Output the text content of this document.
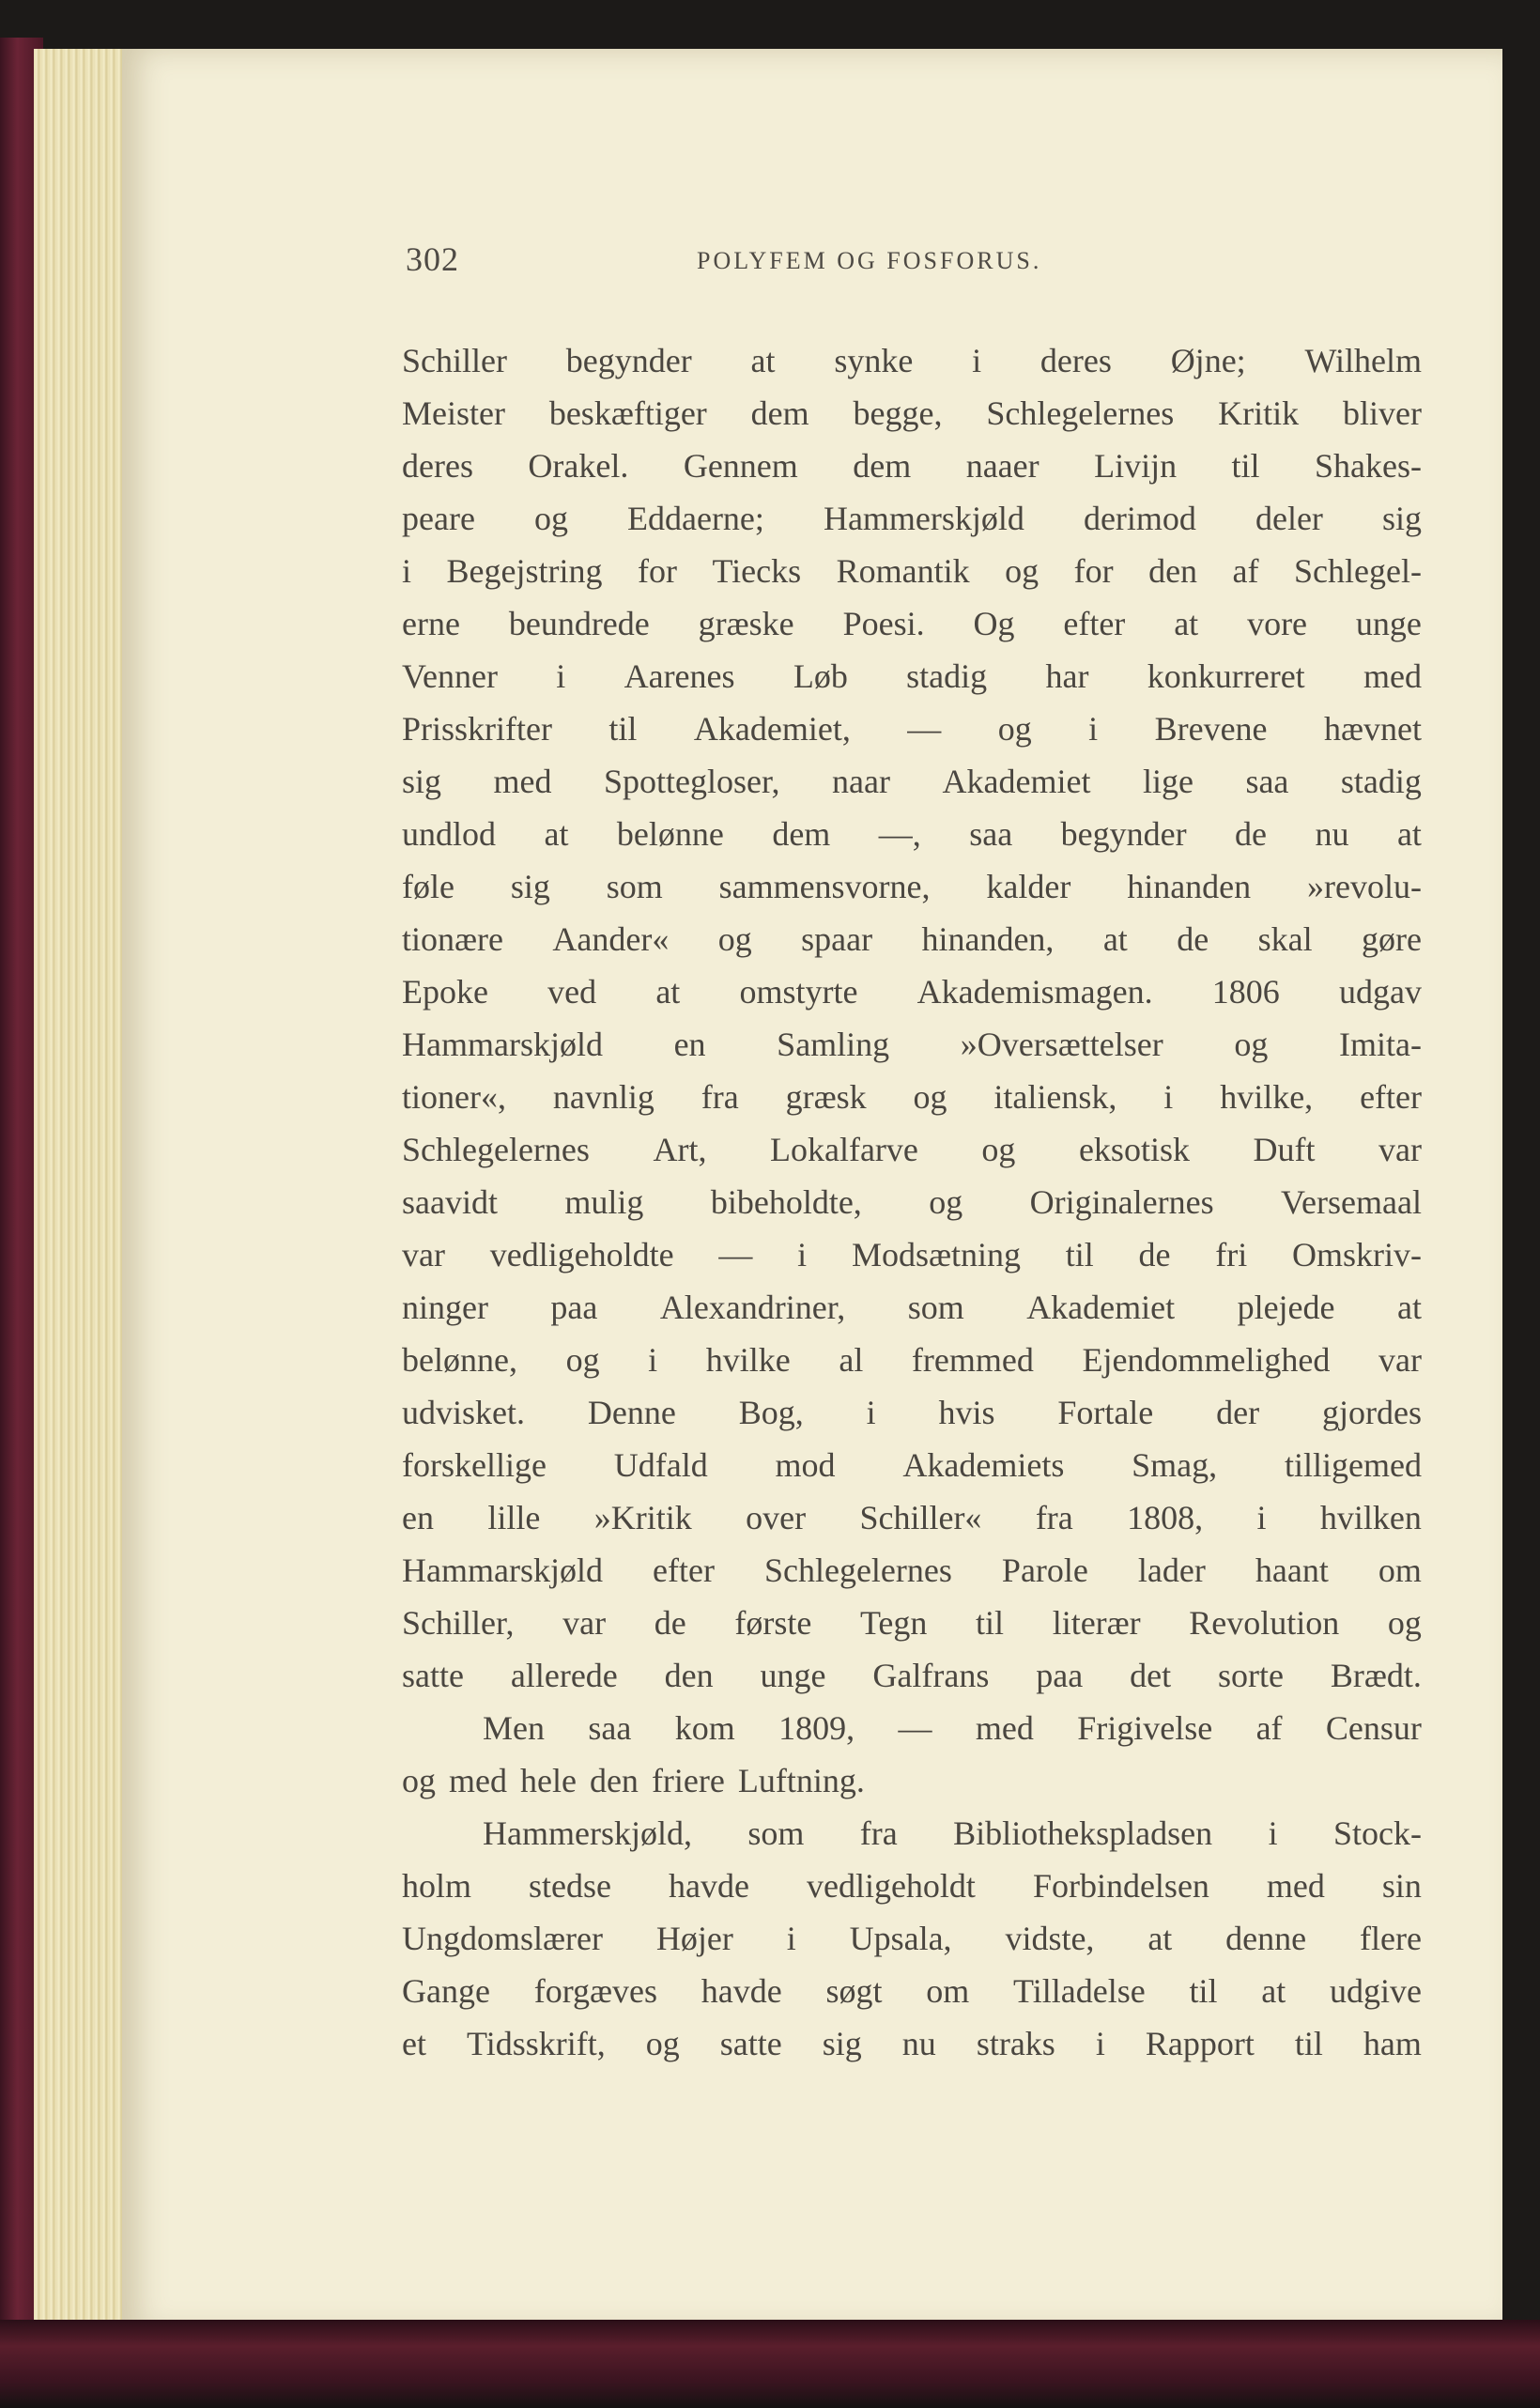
302	POLYFEM OG FOSFORUS.
Schiller begynder at synke i deres Øjne; Wilhelm
Meister beskæftiger dem begge, Schlegelernes Kritik bliver
deres Orakel. Gennem dem naaer Livijn til Shakes-
peare og Eddaerne; Hammerskjøld derimod deler sig
i Begejstring for Tiecks Romantik og for den af Schlegel-
erne beundrede græske Poesi. Og efter at vore unge
Venner i Aarenes Løb stadig har konkurreret med
Prisskrifter til Akademiet, — og i Brevene hævnet
sig med Spottegloser, naar Akademiet lige saa stadig
undlod at belønne dem —, saa begynder de nu at
føle sig som sammensvorne, kalder hinanden »revolu-
tionære Aander« og spaar hinanden, at de skal gøre
Epoke ved at omstyrte Akademismagen. 1806 udgav
Hammarskjøld en Samling »Oversættelser og Imita-
tioner«, navnlig fra græsk og italiensk, i hvilke, efter
Schlegelernes Art, Lokalfarve og eksotisk Duft var
saavidt mulig bibeholdte, og Originalernes Versemaal
var vedligeholdte — i Modsætning til de fri Omskriv-
ninger paa Alexandriner, som Akademiet plejede at
belønne, og i hvilke al fremmed Ejendommelighed var
udvisket. Denne Bog, i hvis Fortale der gjordes
forskellige Udfald mod Akademiets Smag, tilligemed
en lille »Kritik over Schiller« fra 1808, i hvilken
Hammarskjøld efter Schlegelernes Parole lader haant om
Schiller, var de første Tegn til literær Revolution og
satte allerede den unge Galfrans paa det sorte Brædt.
Men saa kom 1809, — med Frigivelse af Censur
og med hele den friere Luftning.
Hammerskjøld, som fra Bibliothekspladsen i Stock-
holm stedse havde vedligeholdt Forbindelsen med sin
Ungdomslærer Højer i Upsala, vidste, at denne flere
Gange forgæves havde søgt om Tilladelse til at udgive
et Tidsskrift, og satte sig nu straks i Rapport til ham
